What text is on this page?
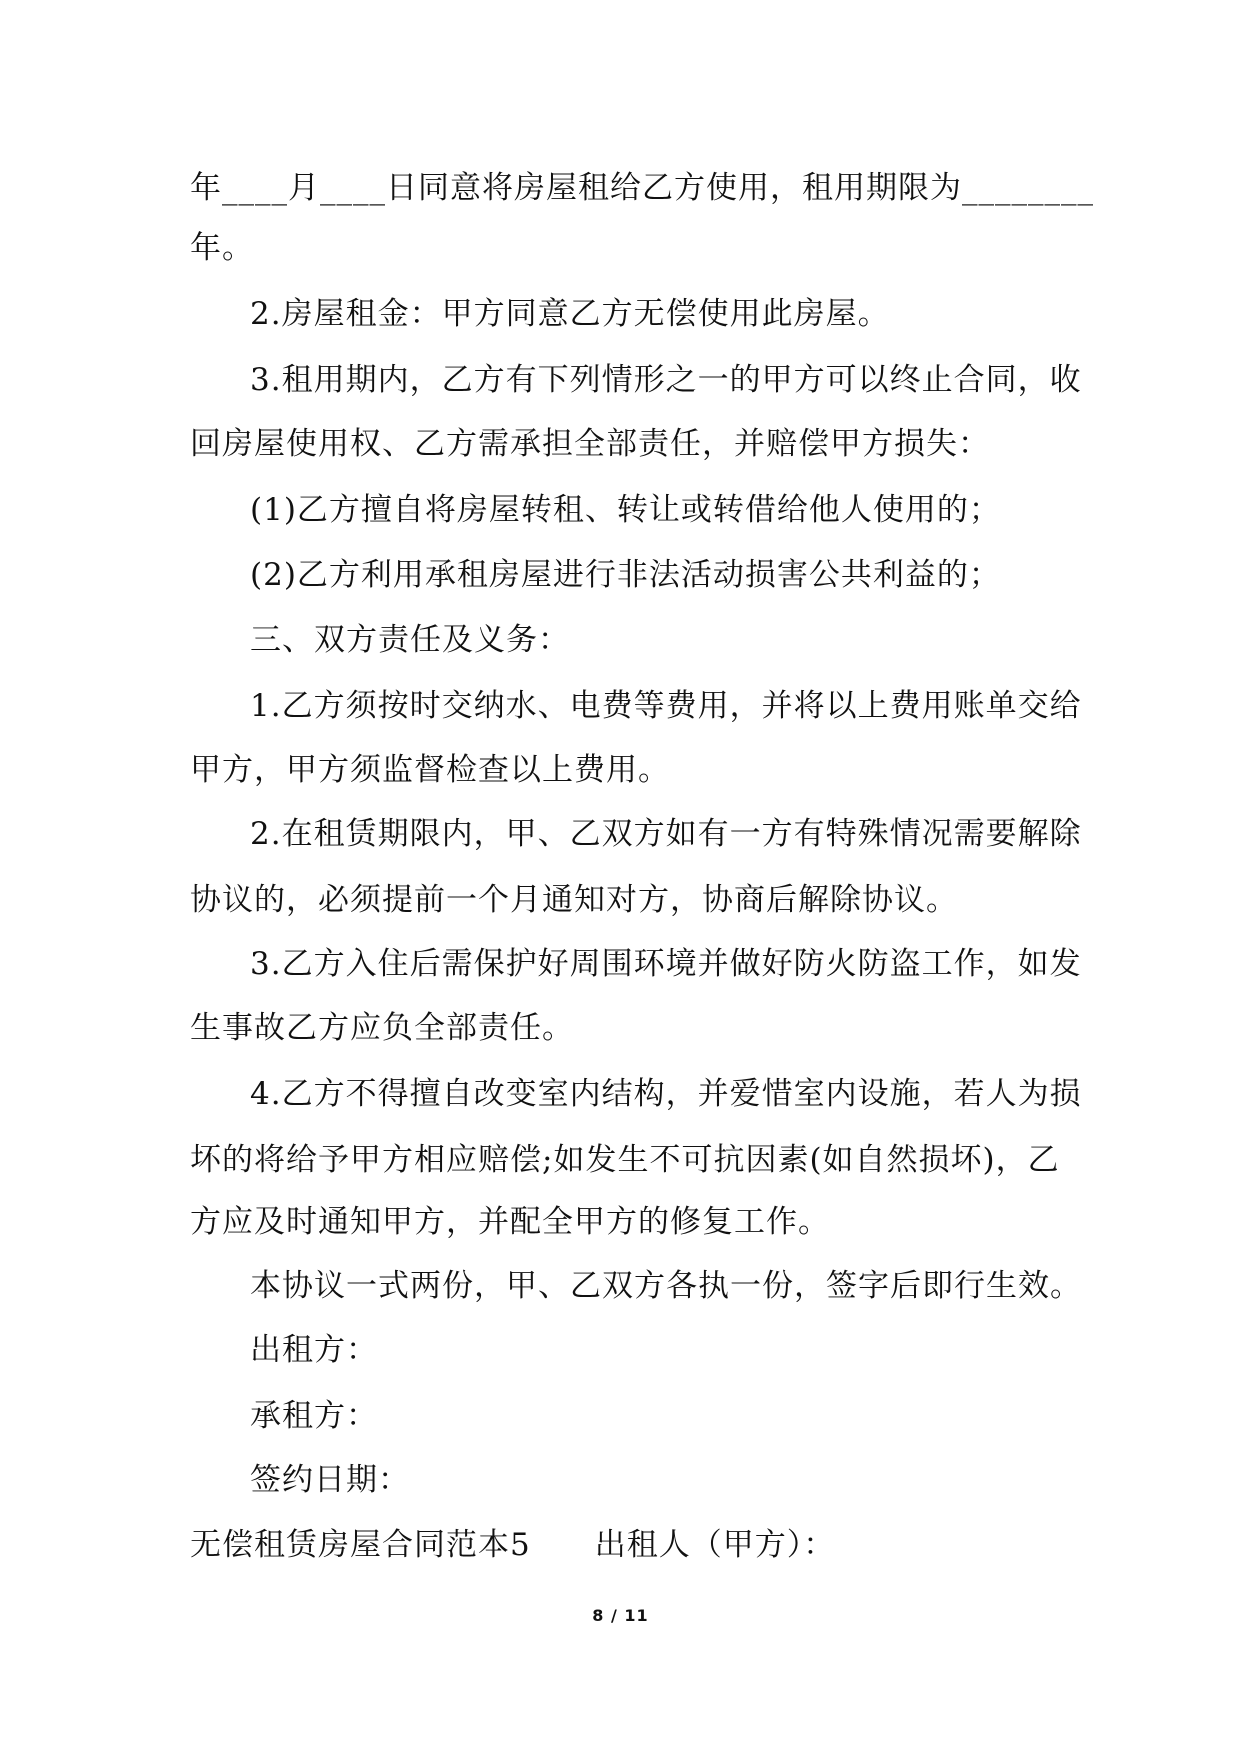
年____月____日同意将房屋租给乙方使用，租用期限为________
年。
2.房屋租金：甲方同意乙方无偿使用此房屋。
3.租用期内，乙方有下列情形之一的甲方可以终止合同，收
回房屋使用权、乙方需承担全部责任，并赔偿甲方损失：
(1)乙方擅自将房屋转租、转让或转借给他人使用的；
(2)乙方利用承租房屋进行非法活动损害公共利益的；
三、双方责任及义务：
1.乙方须按时交纳水、电费等费用，并将以上费用账单交给
甲方，甲方须监督检查以上费用。
2.在租赁期限内，甲、乙双方如有一方有特殊情况需要解除
协议的，必须提前一个月通知对方，协商后解除协议。
3.乙方入住后需保护好周围环境并做好防火防盗工作，如发
生事故乙方应负全部责任。
4.乙方不得擅自改变室内结构，并爱惜室内设施，若人为损
坏的将给予甲方相应赔偿;如发生不可抗因素(如自然损坏)，乙
方应及时通知甲方，并配全甲方的修复工作。
本协议一式两份，甲、乙双方各执一份，签字后即行生效。
出租方：
承租方：
签约日期：
无偿租赁房屋合同范本5　　出租人（甲方）：
8 / 11
